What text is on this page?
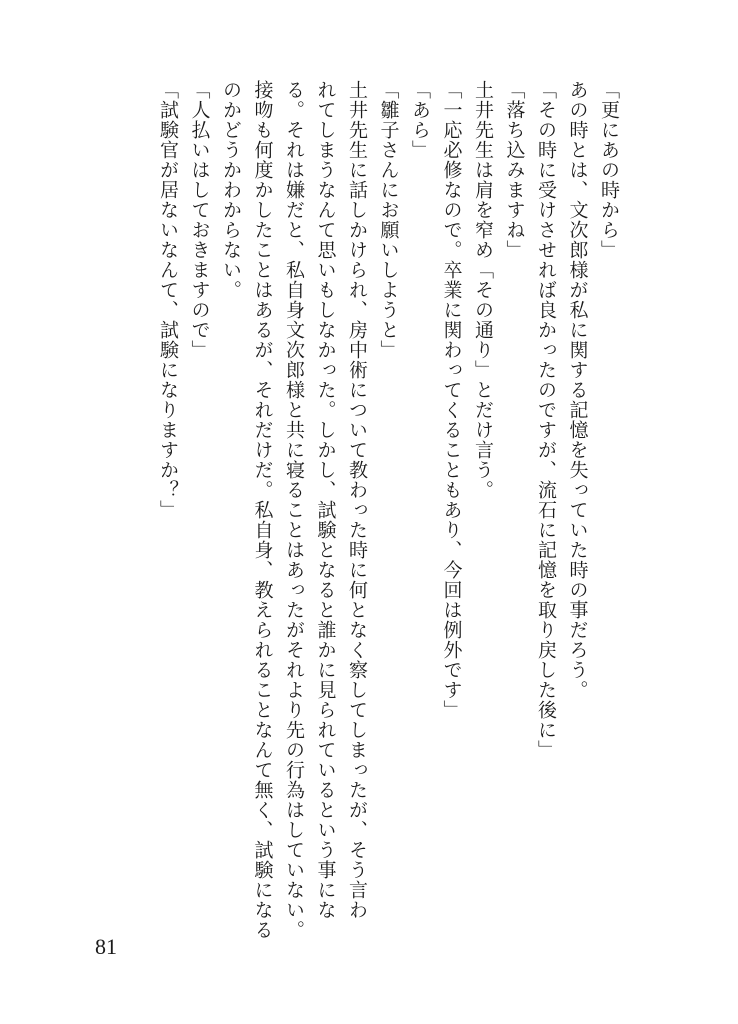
「更にあの時から」
あの時とは、文次郎様が私に関する記憶を失っていた時の事だろう。
「その時に受けさせれば良かったのですが、流石に記憶を取り戻した後に」
「落ち込みますね」
土井先生は肩を窄め「その通り」とだけ言う。
「一応必修なので。卒業に関わってくることもあり、今回は例外です」
「あら」
「雛子さんにお願いしようと」
土井先生に話しかけられ、房中術について教わった時に何となく察してしまったが、そう言わ
れてしまうなんて思いもしなかった。しかし、試験となると誰かに見られているという事にな
る。それは嫌だと、私自身文次郎様と共に寝ることはあったがそれより先の行為はしていない。
接吻も何度かしたことはあるが、それだけだ。私自身、教えられることなんて無く、試験になる
のかどうかわからない。
「人払いはしておきますので」
「試験官が居ないなんて、試験になりますか？」
81
